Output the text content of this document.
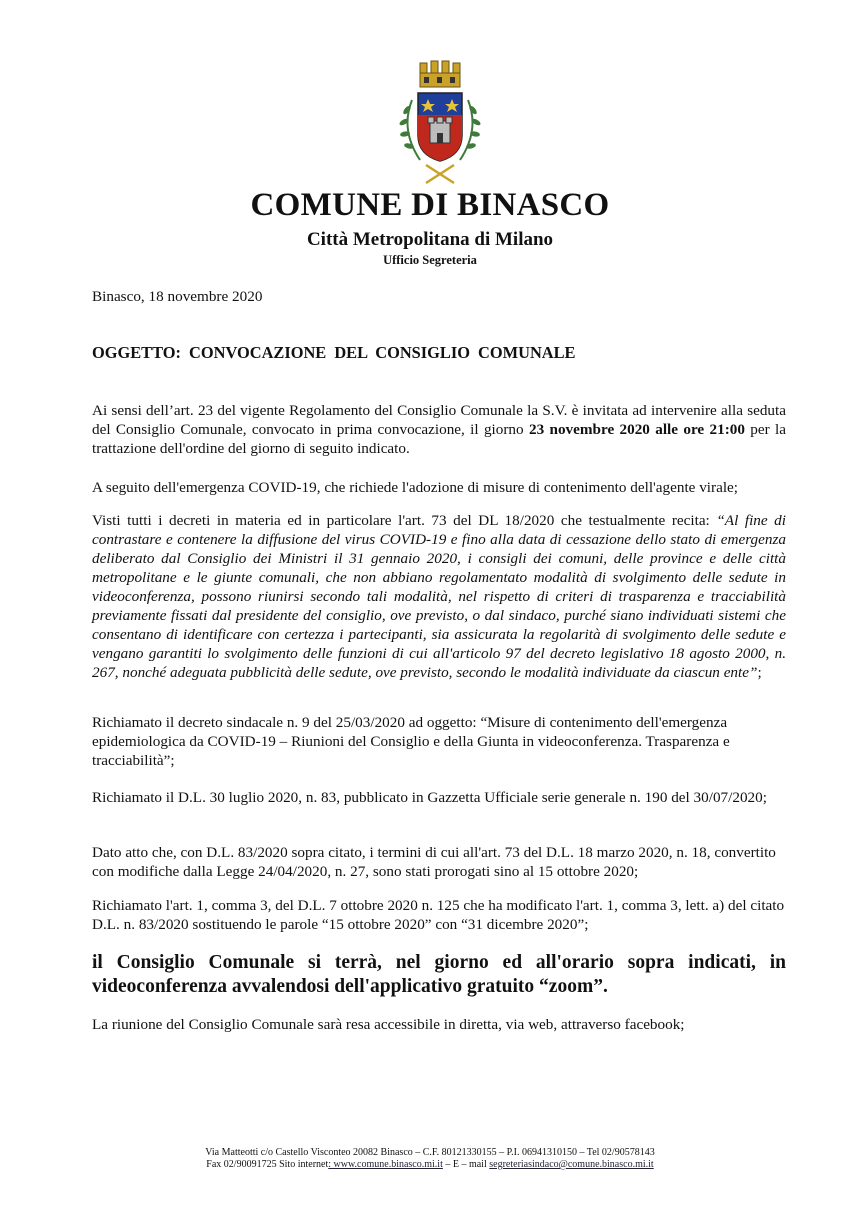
COMUNE DI BINASCO
Città Metropolitana di Milano
Ufficio Segreteria
Binasco, 18 novembre 2020
OGGETTO: CONVOCAZIONE DEL CONSIGLIO COMUNALE
Ai sensi dell’art. 23 del vigente Regolamento del Consiglio Comunale la S.V. è invitata ad intervenire alla seduta del Consiglio Comunale, convocato in prima convocazione, il giorno 23 novembre 2020 alle ore 21:00 per la trattazione dell'ordine del giorno di seguito indicato.
A seguito dell'emergenza COVID-19, che richiede l'adozione di misure di contenimento dell'agente virale;
Visti tutti i decreti in materia ed in particolare l'art. 73 del DL 18/2020 che testualmente recita: “Al fine di contrastare e contenere la diffusione del virus COVID-19 e fino alla data di cessazione dello stato di emergenza deliberato dal Consiglio dei Ministri il 31 gennaio 2020, i consigli dei comuni, delle province e delle città metropolitane e le giunte comunali, che non abbiano regolamentato modalità di svolgimento delle sedute in videoconferenza, possono riunirsi secondo tali modalità, nel rispetto di criteri di trasparenza e tracciabilità previamente fissati dal presidente del consiglio, ove previsto, o dal sindaco, purché siano individuati sistemi che consentano di identificare con certezza i partecipanti, sia assicurata la regolarità di svolgimento delle sedute e vengano garantiti lo svolgimento delle funzioni di cui all'articolo 97 del decreto legislativo 18 agosto 2000, n. 267, nonché adeguata pubblicità delle sedute, ove previsto, secondo le modalità individuate da ciascun ente”;
Richiamato il decreto sindacale n. 9 del 25/03/2020 ad oggetto: “Misure di contenimento dell'emergenza epidemiologica da COVID-19 – Riunioni del Consiglio e della Giunta in videoconferenza. Trasparenza e tracciabilità”;
Richiamato il D.L. 30 luglio 2020, n. 83, pubblicato in Gazzetta Ufficiale serie generale n. 190 del 30/07/2020;
Dato atto che, con D.L. 83/2020 sopra citato, i termini di cui all'art. 73 del D.L. 18 marzo 2020, n. 18, convertito con modifiche dalla Legge 24/04/2020, n. 27, sono stati prorogati sino al 15 ottobre 2020;
Richiamato l'art. 1, comma 3, del D.L. 7 ottobre 2020 n. 125 che ha modificato l'art. 1, comma 3, lett. a) del citato D.L. n. 83/2020 sostituendo le parole “15 ottobre 2020” con “31 dicembre 2020”;
il Consiglio Comunale si terrà, nel giorno ed all'orario sopra indicati, in videoconferenza avvalendosi dell'applicativo gratuito “zoom”.
La riunione del Consiglio Comunale sarà resa accessibile in diretta, via web, attraverso facebook;
Via Matteotti c/o Castello Visconteo 20082 Binasco – C.F. 80121330155 – P.I. 06941310150 – Tel 02/90578143
Fax 02/90091725 Sito internet: www.comune.binasco.mi.it – E – mail segreteriasindaco@comune.binasco.mi.it
